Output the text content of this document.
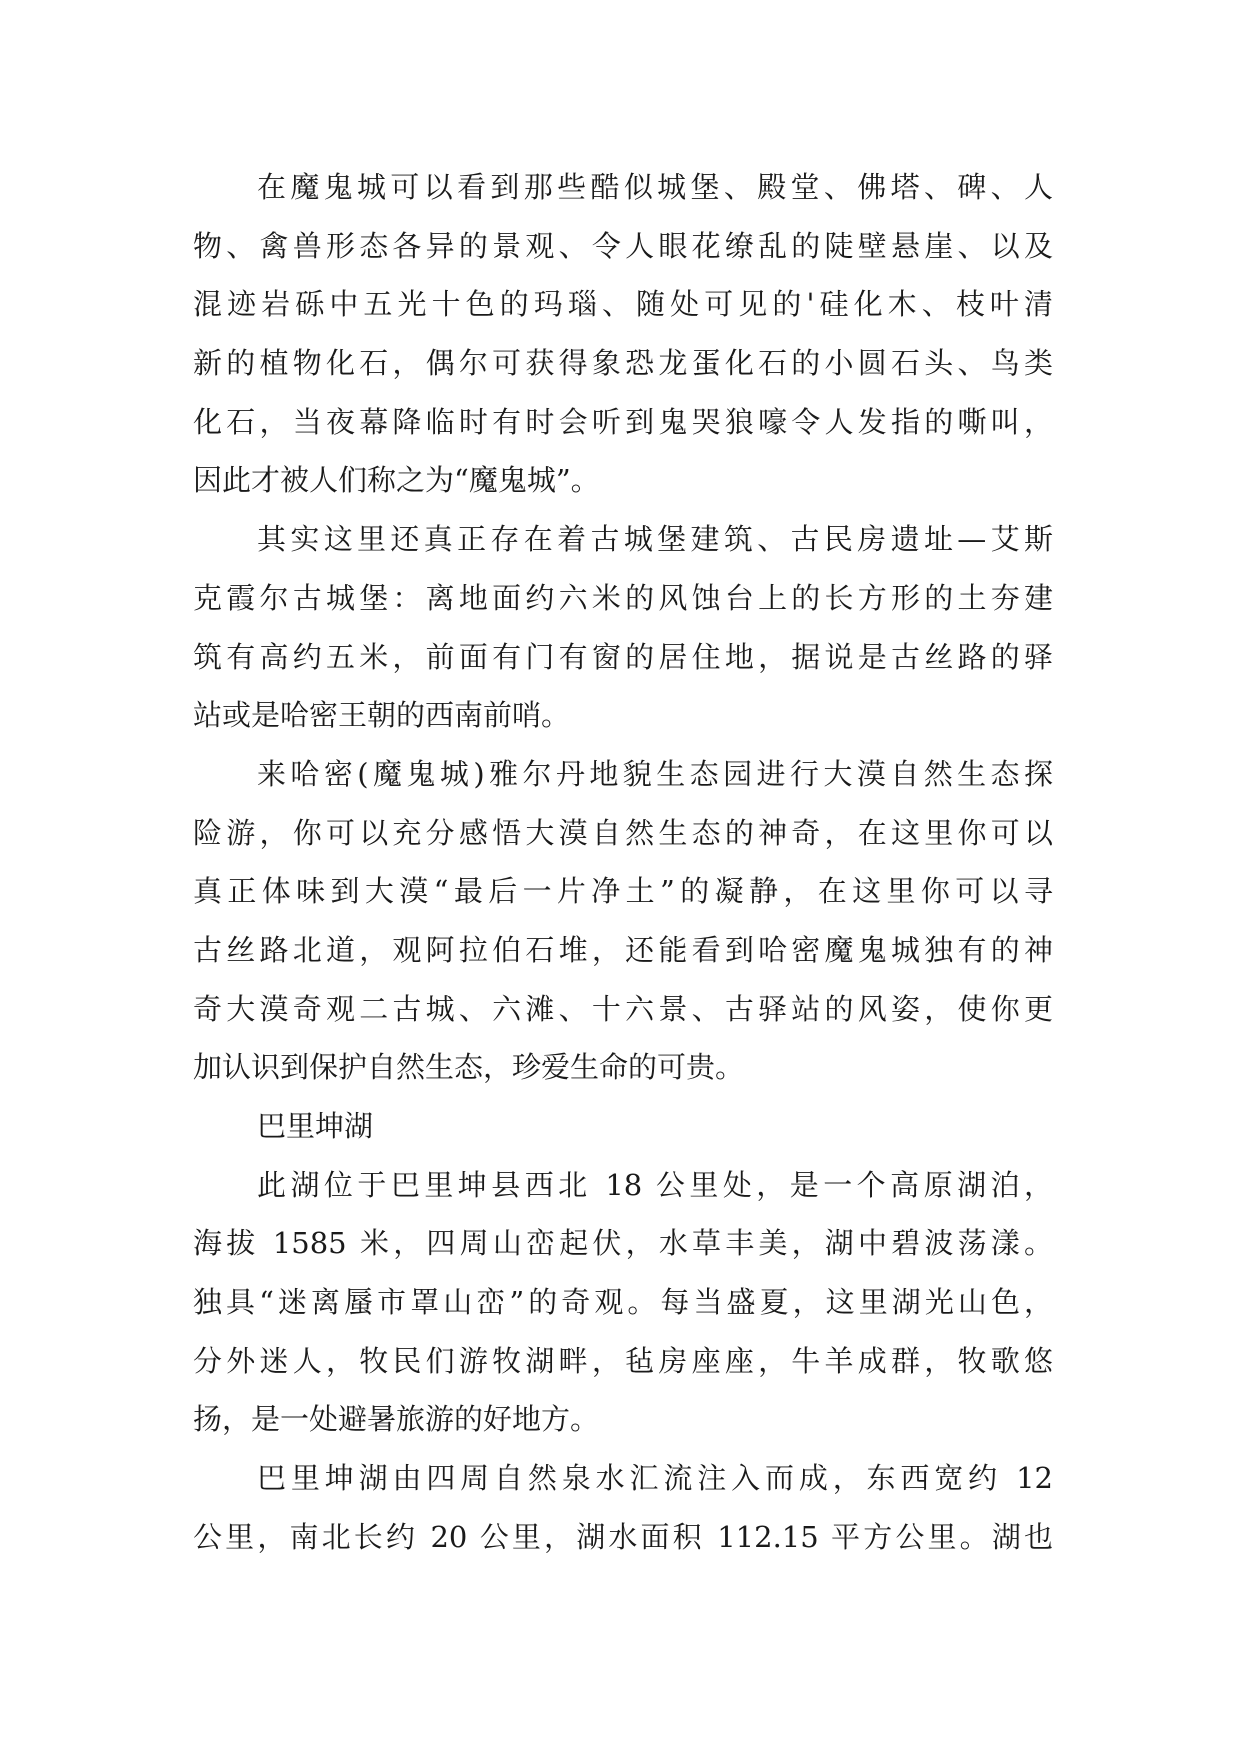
在魔鬼城可以看到那些酷似城堡、殿堂、佛塔、碑、人
物、禽兽形态各异的景观、令人眼花缭乱的陡壁悬崖、以及
混迹岩砾中五光十色的玛瑙、随处可见的'硅化木、枝叶清
新的植物化石，偶尔可获得象恐龙蛋化石的小圆石头、鸟类
化石，当夜幕降临时有时会听到鬼哭狼嚎令人发指的嘶叫，
因此才被人们称之为“魔鬼城”。
其实这里还真正存在着古城堡建筑、古民房遗址—艾斯
克霞尔古城堡：离地面约六米的风蚀台上的长方形的土夯建
筑有高约五米，前面有门有窗的居住地，据说是古丝路的驿
站或是哈密王朝的西南前哨。
来哈密(魔鬼城)雅尔丹地貌生态园进行大漠自然生态探
险游，你可以充分感悟大漠自然生态的神奇，在这里你可以
真正体味到大漠“最后一片净土”的凝静，在这里你可以寻
古丝路北道，观阿拉伯石堆，还能看到哈密魔鬼城独有的神
奇大漠奇观二古城、六滩、十六景、古驿站的风姿，使你更
加认识到保护自然生态，珍爱生命的可贵。
巴里坤湖
此湖位于巴里坤县西北 18 公里处，是一个高原湖泊，
海拔 1585 米，四周山峦起伏，水草丰美，湖中碧波荡漾。
独具“迷离蜃市罩山峦”的奇观。每当盛夏，这里湖光山色，
分外迷人，牧民们游牧湖畔，毡房座座，牛羊成群，牧歌悠
扬，是一处避暑旅游的好地方。
巴里坤湖由四周自然泉水汇流注入而成，东西宽约 12
公里，南北长约 20 公里，湖水面积 112.15 平方公里。湖也
